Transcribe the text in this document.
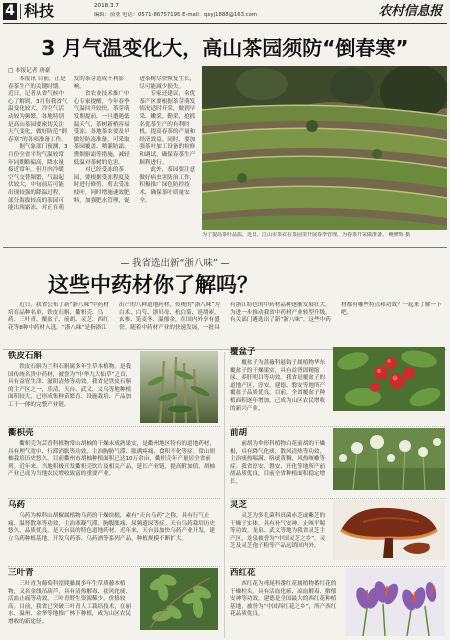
4 科技	2018.3.7
编辑：俞亚 电话：0571-86757195 E-mail：qxyj1888@163.com	农村信息报
3 月气温变化大，高山茶园须防“倒春寒”
□ 本报记者 唐豪

本报讯 目前，正是春茶生产的关键时期。近日，记者从省气候中心了解到，3月份我省气温变化较大，冷空气活动较为频繁，各地特别是高山茶园要密切关注天气变化，做好防范“倒春寒”的各项准备工作。

据气象部门预测，3月份全省平均气温较常年同期略偏高，降水量接近常年。但月内冷暖空气交替频繁，气温起伏较大，中旬前后可能出现较强的降温过程，部分海拔较高的茶园可能出现霜冻，对正在萌发的茶芽造成不利影响。

省农业技术推广中心专家提醒，今年春季气温回升较快，茶芽萌发期提前，一旦遭遇低温天气，茶树新梢容易受冻。各地茶农要及早做好防冻准备，可采取茶园覆盖、喷灌防霜、熏烟驱霜等措施，减轻低温对茶树的危害。

对已经受冻的茶园，要根据受冻程度及时进行修剪，剪去受冻枝叶，同时增施速效肥料，加强肥水管理，促进茶树尽快恢复生长，尽可能减少损失。

专家还建议，名优茶产区要根据茶芽萌发情况适时开采，做到早采、嫩采、勤采，抢抓名优茶生产的有利时机，提高春茶的产量和经济效益。同时，要加强茶叶加工设备的检修和调试，确保春茶生产顺利进行。

此外，茶园要注意做好病虫害防治工作，积极推广绿色防控技术，确保茶叶质量安全。

为了提高茶叶品质，近日，江山市茶农在茶园里开展春季管理，为春茶开采做准备。 鲍修辉 摄
我省选出新“浙八味”
这些中药材你了解吗？

近日，我省公布了新“浙八味”中药材培育品种名单，铁皮石斛、衢枳壳、乌药、三叶青、覆盆子、前胡、灵芝、西红花等8种中药材入选。“浙八味”是指浙江出产的八种道地药材，传统的“浙八味”为白术、白芍、浙贝母、杭白菊、延胡索、玄参、笕麦冬、温郁金，在国内外享有盛誉。随着中药材产业的快速发展，一批具有浙江特色的中药材品种逐渐发展壮大，为进一步推动我省中药材产业转型升级，有关部门遴选出了新“浙八味”。这些中药材都有哪些特点和功效？一起来了解一下吧。

铁皮石斛

铁皮石斛为兰科石斛属多年生草本植物，是我国传统名贵中药材，被誉为“中华九大仙草”之首，具有益胃生津、滋阴清热等功效。我省是铁皮石斛的主产区之一，乐清、天台、武义、义乌等地种植面积较大，已形成集种苗繁育、设施栽培、产品加工于一体的完整产业链。

衢枳壳

衢枳壳为芸香科植物常山胡柚的干燥未成熟果实，是衢州地区特有的道地药材，具有理气宽中、行滞消胀等功效，主治胸胁气滞、胀满疼痛、食积不化等症。常山胡柚栽培历史悠久，目前衢州市胡柚种植面积已达10万余亩，衢枳壳年产量居全省前列。近年来，当地积极开发衢枳壳饮片及相关产品，延长产业链，提高附加值，胡柚产业已成为当地农民增收致富的重要产业。

乌药

乌药为樟科山胡椒属植物乌药的干燥块根，素有“天台乌药”之称，具有行气止痛、温肾散寒等功效，主治寒凝气滞、胸腹胀痛、尿频遗尿等症。天台乌药栽培历史悠久，品质优良，是天台县的特色道地药材。近年来，天台县加快乌药产业开发，建立乌药种植基地，开发乌药茶、乌药酒等系列产品，种植规模不断扩大。

三叶青

三叶青为葡萄科崖爬藤属多年生草质藤本植物，又名金线吊葫芦，具有清热解毒、祛风化痰、活血止痛等功效。三叶青野生资源稀少，价格较高。目前，我省已突破三叶青人工栽培技术，在丽水、温州、金华等地推广林下种植，成为山区农民增收的新途径。

覆盆子

覆盆子为蔷薇科悬钩子属植物华东覆盆子的干燥果实，具有益肾固精缩尿、养肝明目等功效。我省是覆盆子的道地产区，淳安、建德、磐安等地所产覆盆子品质优良。目前，全省覆盆子种植面积逐年增加，已成为山区农民增收的新兴产业。

前胡

前胡为伞形科植物白花前胡的干燥根，具有降气化痰、散风清热等功效，主治痰热喘满、咯痰黄稠、风热咳嗽等症。我省淳安、磐安、开化等地所产前胡品质优良，目前全省种植面积稳定增长。

灵芝

灵芝为多孔菌科真菌赤芝或紫芝的干燥子实体，具有补气安神、止咳平喘等功效。龙泉、武义等地为我省灵芝主产区，龙泉被誉为“中国灵芝之乡”，灵芝及灵芝孢子粉等产品远销国内外。

西红花

西红花为鸢尾科番红花属植物番红花的干燥柱头，具有活血化瘀、凉血解毒、解郁安神等功效。建德是全国最大的西红花种植基地，被誉为“中国西红花之乡”，所产西红花品质优良。
